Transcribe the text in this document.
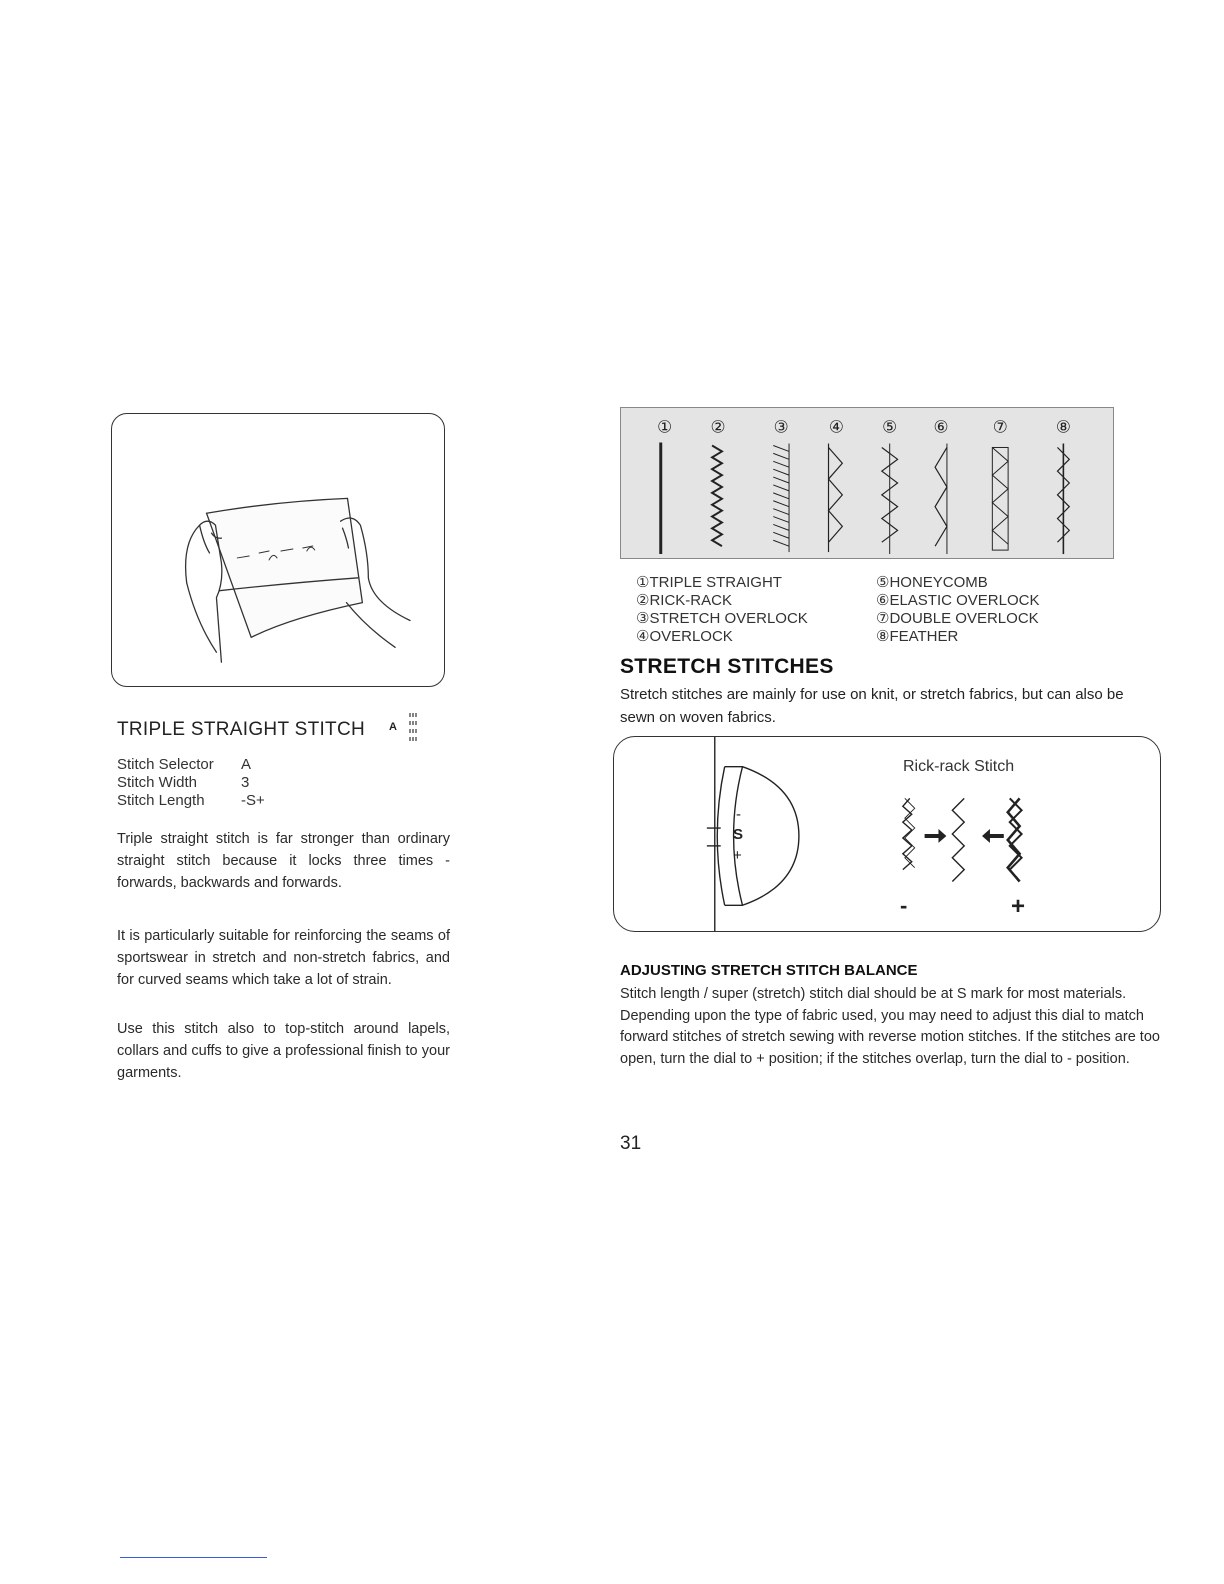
TRIPLE STRAIGHT STITCH A
Stitch Selector	A
Stitch Width	3
Stitch Length	-S+
Triple straight stitch is far stronger than ordinary straight stitch because it locks three times - forwards, backwards and forwards.
It is particularly suitable for reinforcing the seams of sportswear in stretch and non-stretch fabrics, and for curved seams which take a lot of strain.
Use this stitch also to top-stitch around lapels, collars and cuffs to give a professional finish to your garments.
① ②	③ ④ ⑤ ⑥	⑦	⑧
①TRIPLE STRAIGHT	⑤HONEYCOMB
②RICK-RACK	⑥ELASTIC OVERLOCK
③STRETCH OVERLOCK	⑦DOUBLE OVERLOCK
④OVERLOCK	⑧FEATHER
STRETCH STITCHES
Stretch stitches are mainly for use on knit, or stretch fabrics, but can also be sewn on woven fabrics.
Rick-rack Stitch
-
S
+
-	+
ADJUSTING STRETCH STITCH BALANCE
Stitch length / super (stretch) stitch dial should be at S mark for most materials. Depending upon the type of fabric used, you may need to adjust this dial to match forward stitches of stretch sewing with reverse motion stitches. If the stitches are too open, turn the dial to + position; if the stitches overlap, turn the dial to - position.
31
